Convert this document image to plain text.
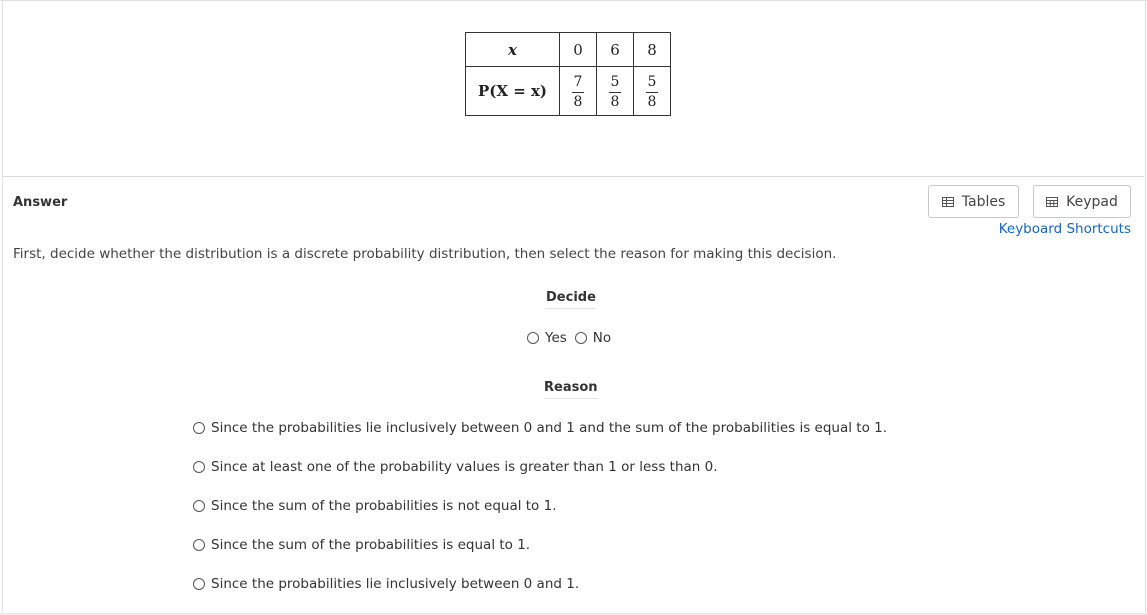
x	0	6	8
P(X = x)	$\frac{7}{8}$	$\frac{5}{8}$	$\frac{5}{8}$
Answer	Tables	Keypad
Keyboard Shortcuts
First, decide whether the distribution is a discrete probability distribution, then select the reason for making this decision.
Decide
Yes No
Reason
Since the probabilities lie inclusively between 0 and 1 and the sum of the probabilities is equal to 1.
Since at least one of the probability values is greater than 1 or less than 0.
Since the sum of the probabilities is not equal to 1.
Since the sum of the probabilities is equal to 1.
Since the probabilities lie inclusively between 0 and 1.
